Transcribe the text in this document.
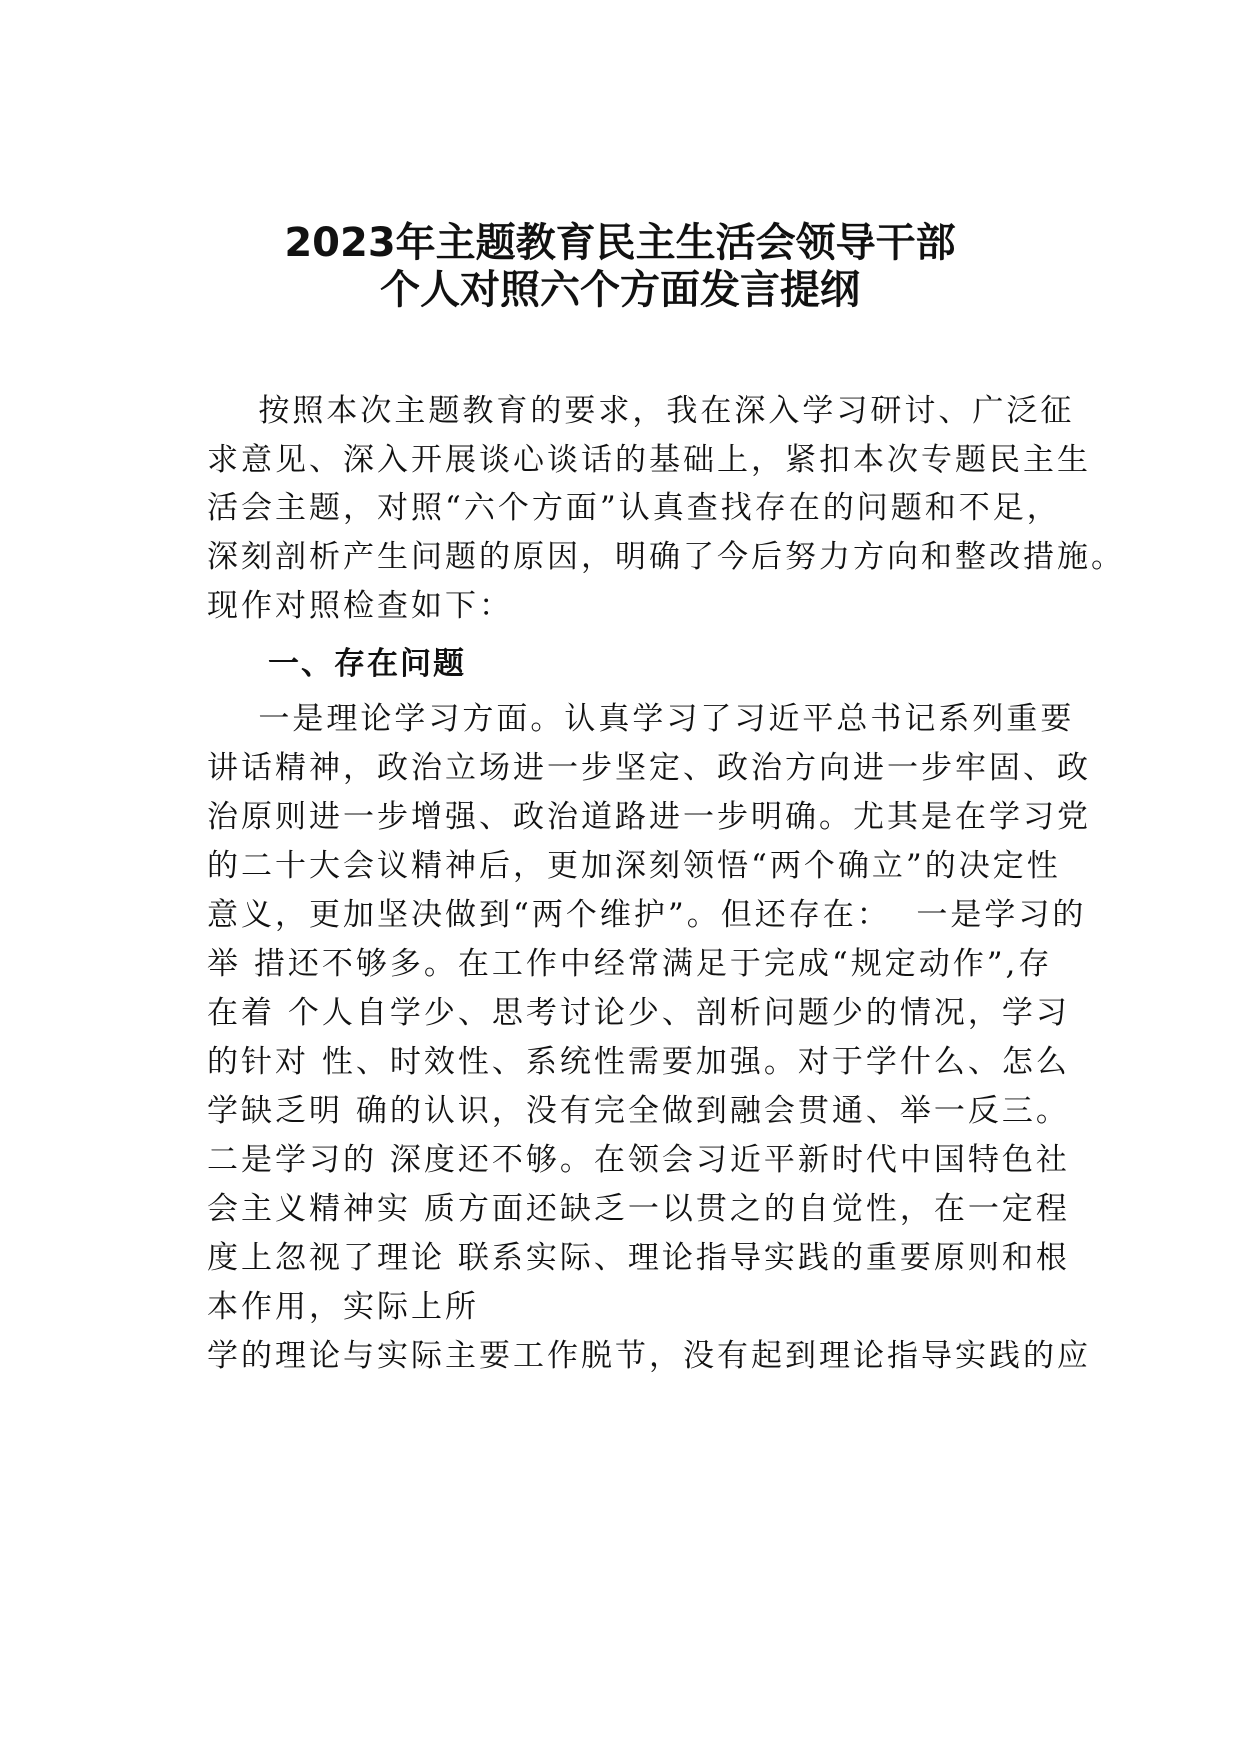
2023年主题教育民主生活会领导干部
个人对照六个方面发言提纲
按照本次主题教育的要求，我在深入学习研讨、广泛征
求意见、深入开展谈心谈话的基础上，紧扣本次专题民主生
活会主题，对照“六个方面”认真查找存在的问题和不足，
深刻剖析产生问题的原因，明确了今后努力方向和整改措施。
现作对照检查如下：
一、存在问题
一是理论学习方面。认真学习了习近平总书记系列重要
讲话精神，政治立场进一步坚定、政治方向进一步牢固、政
治原则进一步增强、政治道路进一步明确。尤其是在学习党
的二十大会议精神后，更加深刻领悟“两个确立”的决定性
意义，更加坚决做到“两个维护”。但还存在：  一是学习的
举 措还不够多。在工作中经常满足于完成“规定动作”,存
在着 个人自学少、思考讨论少、剖析问题少的情况，学习
的针对 性、时效性、系统性需要加强。对于学什么、怎么
学缺乏明 确的认识，没有完全做到融会贯通、举一反三。
二是学习的 深度还不够。在领会习近平新时代中国特色社
会主义精神实 质方面还缺乏一以贯之的自觉性，在一定程
度上忽视了理论 联系实际、理论指导实践的重要原则和根
本作用，实际上所
学的理论与实际主要工作脱节，没有起到理论指导实践的应
